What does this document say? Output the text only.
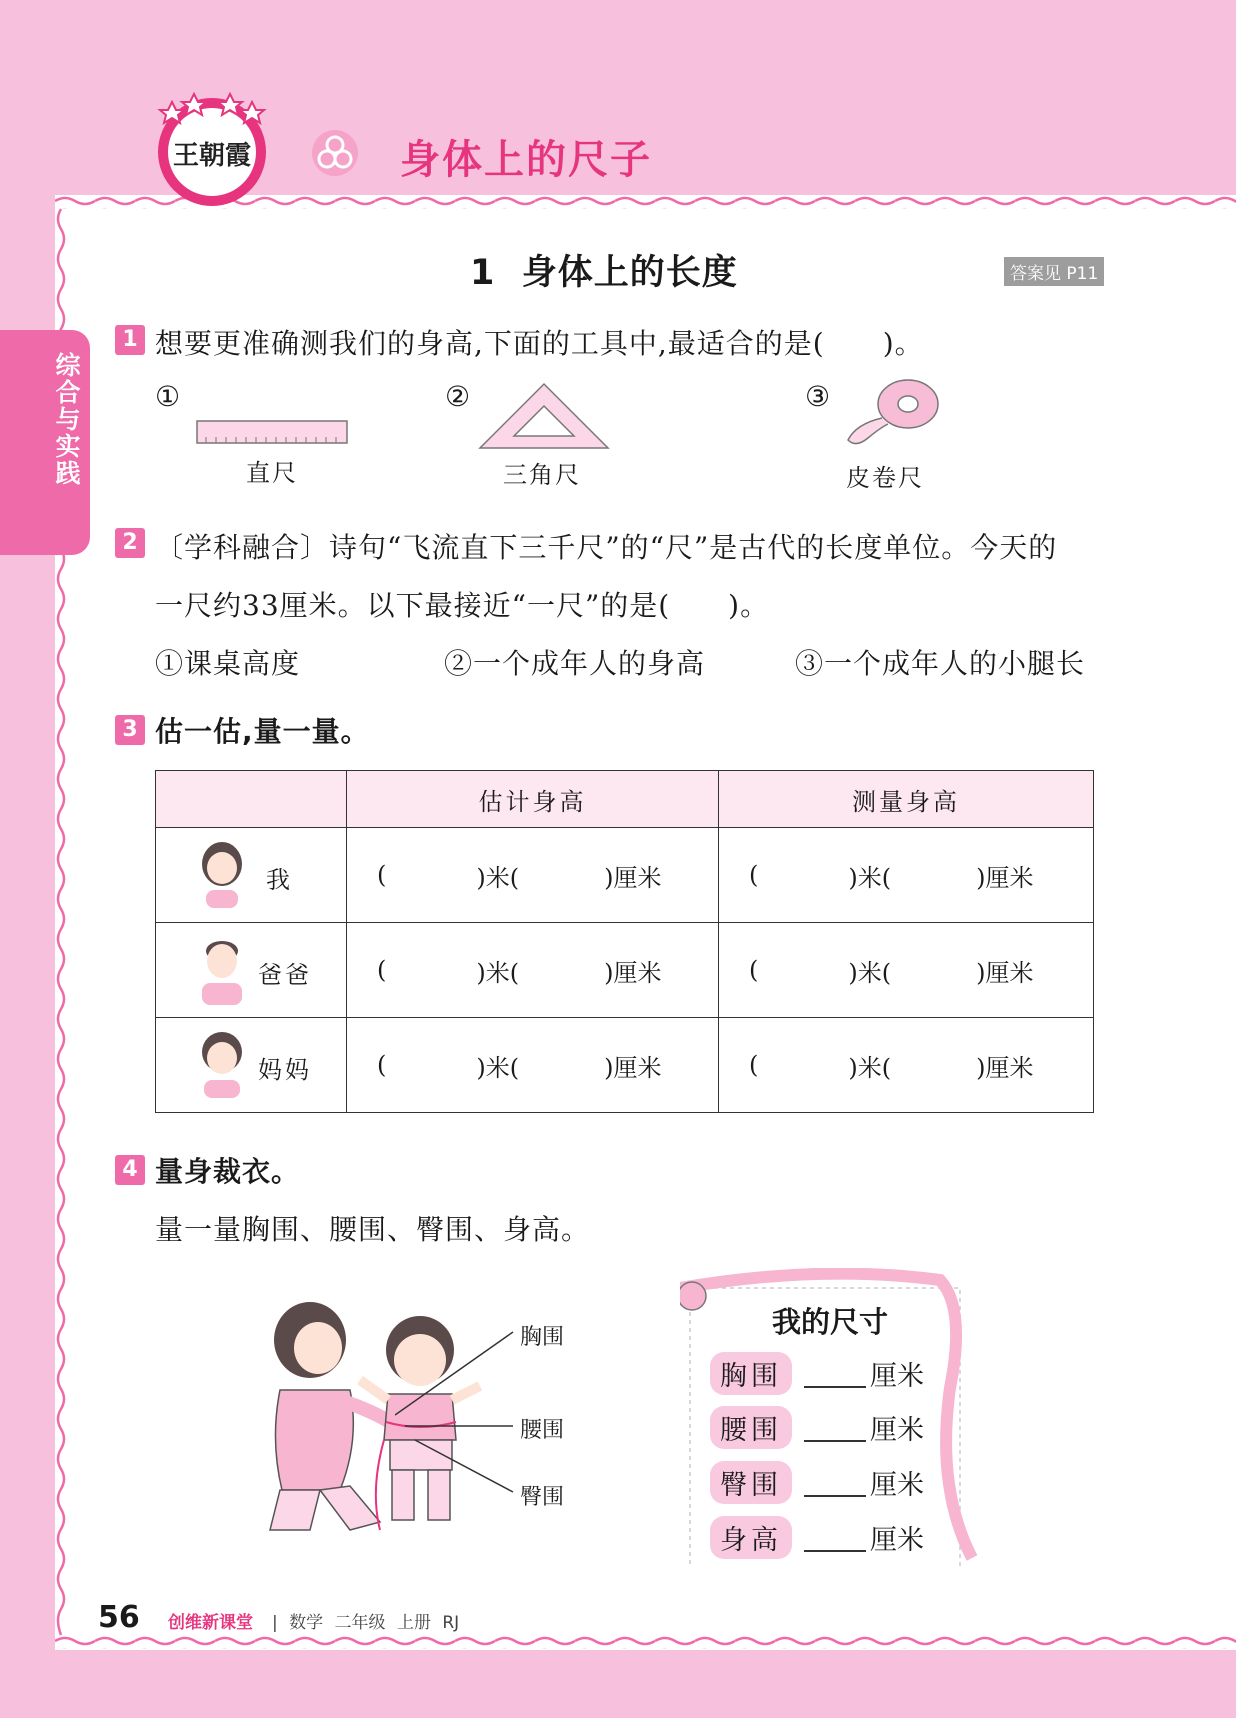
王朝霞	身体上的尺子
综合与实践
1  身体上的长度	答案见 P11
1 想要更准确测我们的身高,下面的工具中,最适合的是(　　)。
①
直尺
②
三角尺
③
皮卷尺
2 〔学科融合〕诗句“飞流直下三千尺”的“尺”是古代的长度单位。今天的
一尺约33厘米。以下最接近“一尺”的是(　　)。
①课桌高度	②一个成年人的身高	③一个成年人的小腿长
3 估一估,量一量。
	估计身高	测量身高

我	( )米( )厘米	( )米( )厘米

爸爸	( )米( )厘米	( )米( )厘米

妈妈	( )米( )厘米	( )米( )厘米
4 量身裁衣。
量一量胸围、腰围、臀围、身高。
胸围
腰围
臀围
我的尺寸
胸围	厘米
腰围	厘米
臀围	厘米
身高	厘米
56 创维新课堂 | 数学 二年级 上册 RJ
